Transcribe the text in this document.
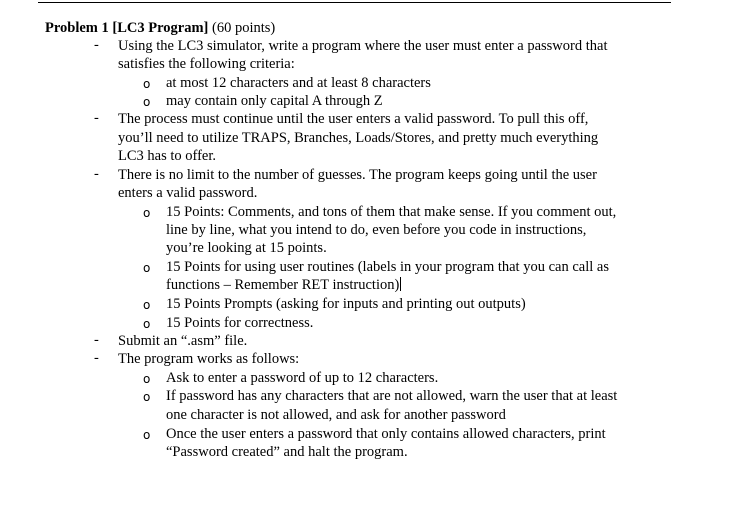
Problem 1 [LC3 Program] (60 points)
- Using the LC3 simulator, write a program where the user must enter a password that
satisfies the following criteria:
o at most 12 characters and at least 8 characters
o may contain only capital A through Z
- The process must continue until the user enters a valid password. To pull this off,
you’ll need to utilize TRAPS, Branches, Loads/Stores, and pretty much everything
LC3 has to offer.
- There is no limit to the number of guesses. The program keeps going until the user
enters a valid password.
o 15 Points: Comments, and tons of them that make sense. If you comment out,
line by line, what you intend to do, even before you code in instructions,
you’re looking at 15 points.
o 15 Points for using user routines (labels in your program that you can call as
functions – Remember RET instruction)
o 15 Points Prompts (asking for inputs and printing out outputs)
o 15 Points for correctness.
- Submit an “.asm” file.
- The program works as follows:
o Ask to enter a password of up to 12 characters.
o If password has any characters that are not allowed, warn the user that at least
one character is not allowed, and ask for another password
o Once the user enters a password that only contains allowed characters, print
“Password created” and halt the program.
